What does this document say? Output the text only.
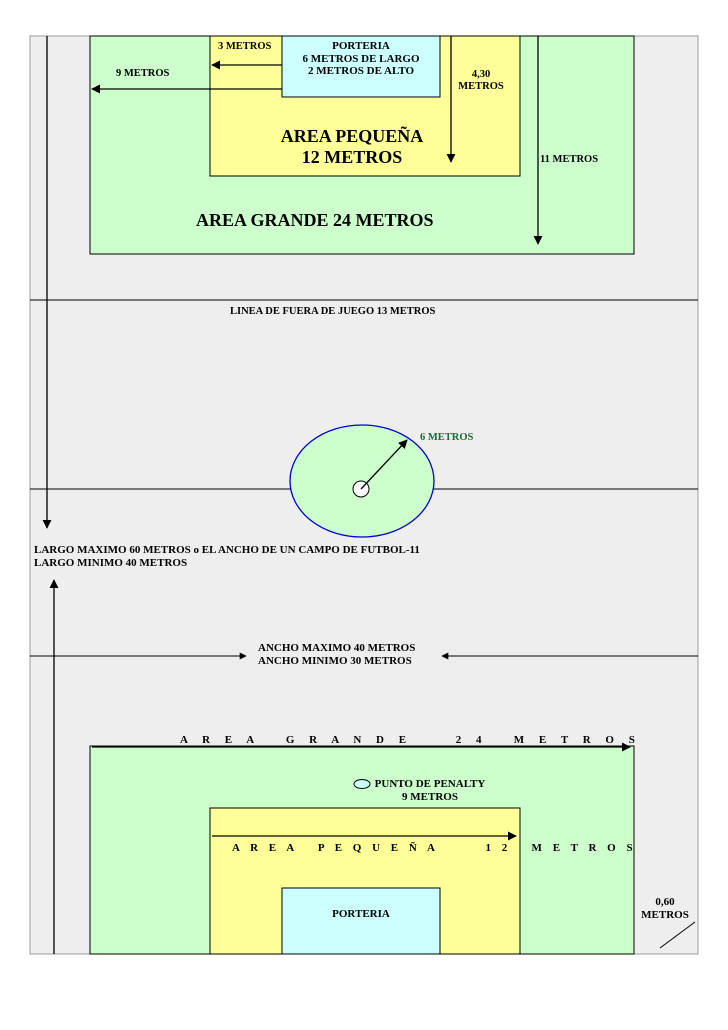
3 METROS	PORTERIA
6 METROS DE LARGO
2 METROS DE ALTO
9 METROS	4,30
METROS
AREA PEQUEÑA
12 METROS	11 METROS
AREA GRANDE 24 METROS
LINEA DE FUERA DE JUEGO 13 METROS
6 METROS
LARGO MAXIMO 60 METROS o EL ANCHO DE UN CAMPO DE FUTBOL-11
LARGO MINIMO 40 METROS
ANCHO MAXIMO 40 METROS
ANCHO MINIMO 30 METROS
A R E A   G R A N D E     2 4   M E T R O S
PUNTO DE PENALTY
9 METROS
A R E A   P E Q U E Ñ A       1 2   M E T R O S
PORTERIA
0,60
METROS
